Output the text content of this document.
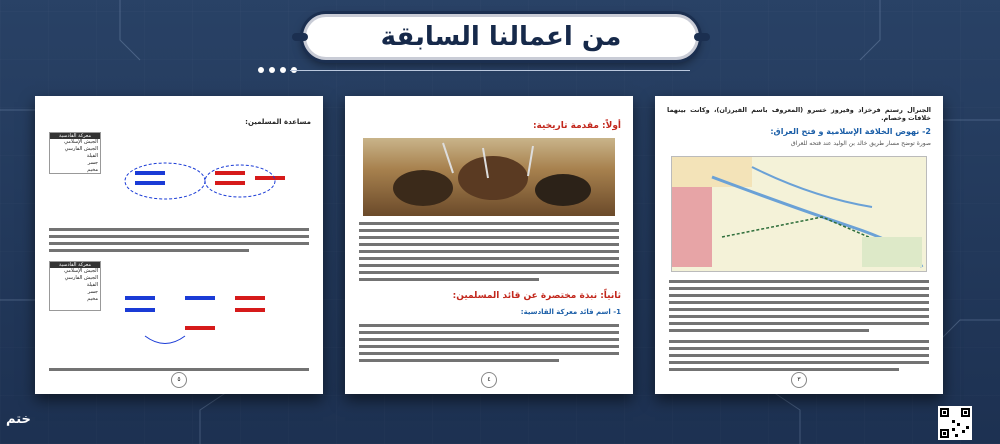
من اعمالنا السابقة
الجنرال رستم فرخزاد وفيروز خسرو (المعروف باسم الفيرزان)، وكانت بينهما خلافات وخصام.
2- نهوض الخلافة الإسلامية و فتح العراق:
صورة توضح مسار طريق خالد بن الوليد عند فتحه للعراق
٣
أولاً: مقدمة تاريخية:
ثانياً: نبذة مختصرة عن قائد المسلمين:
1- اسم قائد معركة القادسية:
٤
مساعدة المسلمين:
معركة القادسية
الجيش الإسلامي
الجيش الفارسي
الفيلة
جسر
مخيم
معركة القادسية
الجيش الإسلامي
الجيش الفارسي
الفيلة
جسر
مخيم
٥
ختم
